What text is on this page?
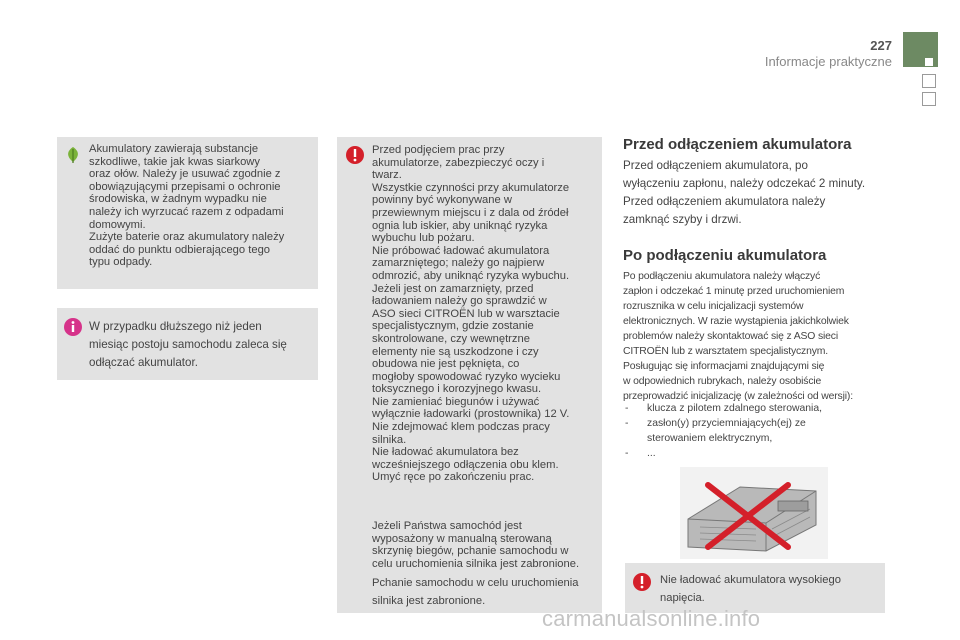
227
Informacje praktyczne
Akumulatory zawierają substancje
szkodliwe, takie jak kwas siarkowy
oraz ołów. Należy je usuwać zgodnie z
obowiązującymi przepisami o ochronie
środowiska, w żadnym wypadku nie
należy ich wyrzucać razem z odpadami
domowymi.
Zużyte baterie oraz akumulatory należy
oddać do punktu odbierającego tego
typu odpady.
W przypadku dłuższego niż jeden
miesiąc postoju samochodu zaleca się
odłączać akumulator.
Przed podjęciem prac przy
akumulatorze, zabezpieczyć oczy i
twarz.
Wszystkie czynności przy akumulatorze
powinny być wykonywane w
przewiewnym miejscu i z dala od źródeł
ognia lub iskier, aby uniknąć ryzyka
wybuchu lub pożaru.
Nie próbować ładować akumulatora
zamarzniętego; należy go najpierw
odmrozić, aby uniknąć ryzyka wybuchu.
Jeżeli jest on zamarznięty, przed
ładowaniem należy go sprawdzić w
ASO sieci CITROËN lub w warsztacie
specjalistycznym, gdzie zostanie
skontrolowane, czy wewnętrzne
elementy nie są uszkodzone i czy
obudowa nie jest pęknięta, co
mogłoby spowodować ryzyko wycieku
toksycznego i korozyjnego kwasu.
Nie zamieniać biegunów i używać
wyłącznie ładowarki (prostownika) 12 V.
Nie zdejmować klem podczas pracy
silnika.
Nie ładować akumulatora bez
wcześniejszego odłączenia obu klem.
Umyć ręce po zakończeniu prac.
Jeżeli Państwa samochód jest
wyposażony w manualną sterowaną
skrzynię biegów, pchanie samochodu w
celu uruchomienia silnika jest zabronione.
Pchanie samochodu w celu uruchomienia
silnika jest zabronione.
Przed odłączeniem akumulatora
Przed odłączeniem akumulatora, po
wyłączeniu zapłonu, należy odczekać 2 minuty.
Przed odłączeniem akumulatora należy
zamknąć szyby i drzwi.
Po podłączeniu akumulatora
Po podłączeniu akumulatora należy włączyć
zapłon i odczekać 1 minutę przed uruchomieniem
rozrusznika w celu inicjalizacji systemów
elektronicznych. W razie wystąpienia jakichkolwiek
problemów należy skontaktować się z ASO sieci
CITROËN lub z warsztatem specjalistycznym.
Posługując się informacjami znajdującymi się
w odpowiednich rubrykach, należy osobiście
przeprowadzić inicjalizację (w zależności od wersji):
- klucza z pilotem zdalnego sterowania,
- zasłon(y) przyciemniających(ej) ze
sterowaniem elektrycznym,
- ...
Nie ładować akumulatora wysokiego
napięcia.
carmanualsonline.info
